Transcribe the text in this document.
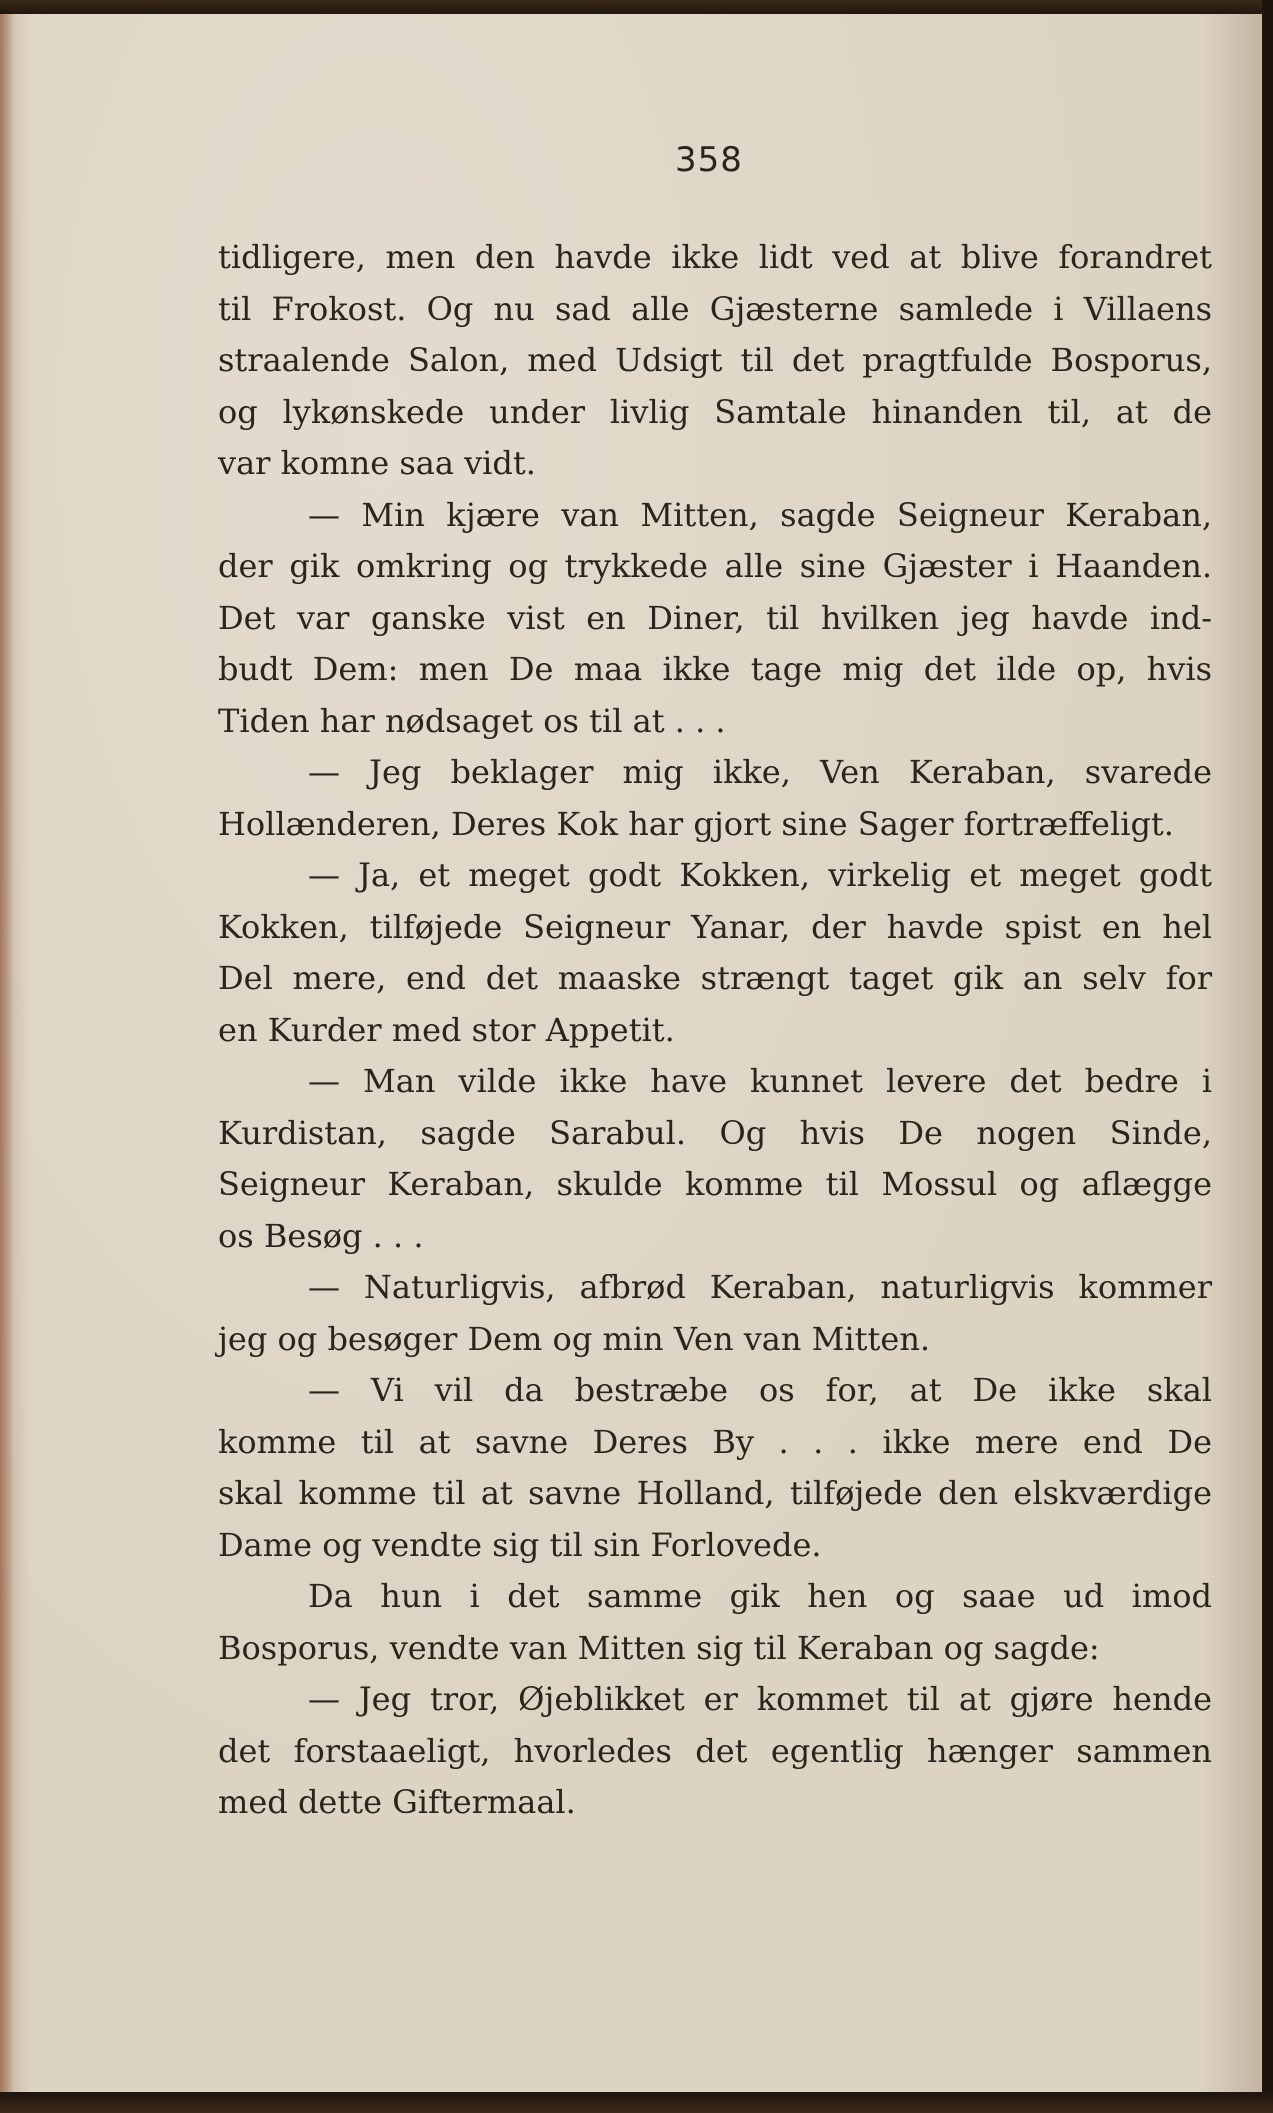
358
tidligere, men den havde ikke lidt ved at blive forandret
til Frokost. Og nu sad alle Gjæsterne samlede i Villaens
straalende Salon, med Udsigt til det pragtfulde Bosporus,
og lykønskede under livlig Samtale hinanden til, at de
var komne saa vidt.
— Min kjære van Mitten, sagde Seigneur Keraban,
der gik omkring og trykkede alle sine Gjæster i Haanden.
Det var ganske vist en Diner, til hvilken jeg havde ind-
budt Dem: men De maa ikke tage mig det ilde op, hvis
Tiden har nødsaget os til at . . .
— Jeg beklager mig ikke, Ven Keraban, svarede
Hollænderen, Deres Kok har gjort sine Sager fortræffeligt.
— Ja, et meget godt Kokken, virkelig et meget godt
Kokken, tilføjede Seigneur Yanar, der havde spist en hel
Del mere, end det maaske strængt taget gik an selv for
en Kurder med stor Appetit.
— Man vilde ikke have kunnet levere det bedre i
Kurdistan, sagde Sarabul. Og hvis De nogen Sinde,
Seigneur Keraban, skulde komme til Mossul og aflægge
os Besøg . . .
— Naturligvis, afbrød Keraban, naturligvis kommer
jeg og besøger Dem og min Ven van Mitten.
— Vi vil da bestræbe os for, at De ikke skal
komme til at savne Deres By . . . ikke mere end De
skal komme til at savne Holland, tilføjede den elskværdige
Dame og vendte sig til sin Forlovede.
Da hun i det samme gik hen og saae ud imod
Bosporus, vendte van Mitten sig til Keraban og sagde:
— Jeg tror, Øjeblikket er kommet til at gjøre hende
det forstaaeligt, hvorledes det egentlig hænger sammen
med dette Giftermaal.
